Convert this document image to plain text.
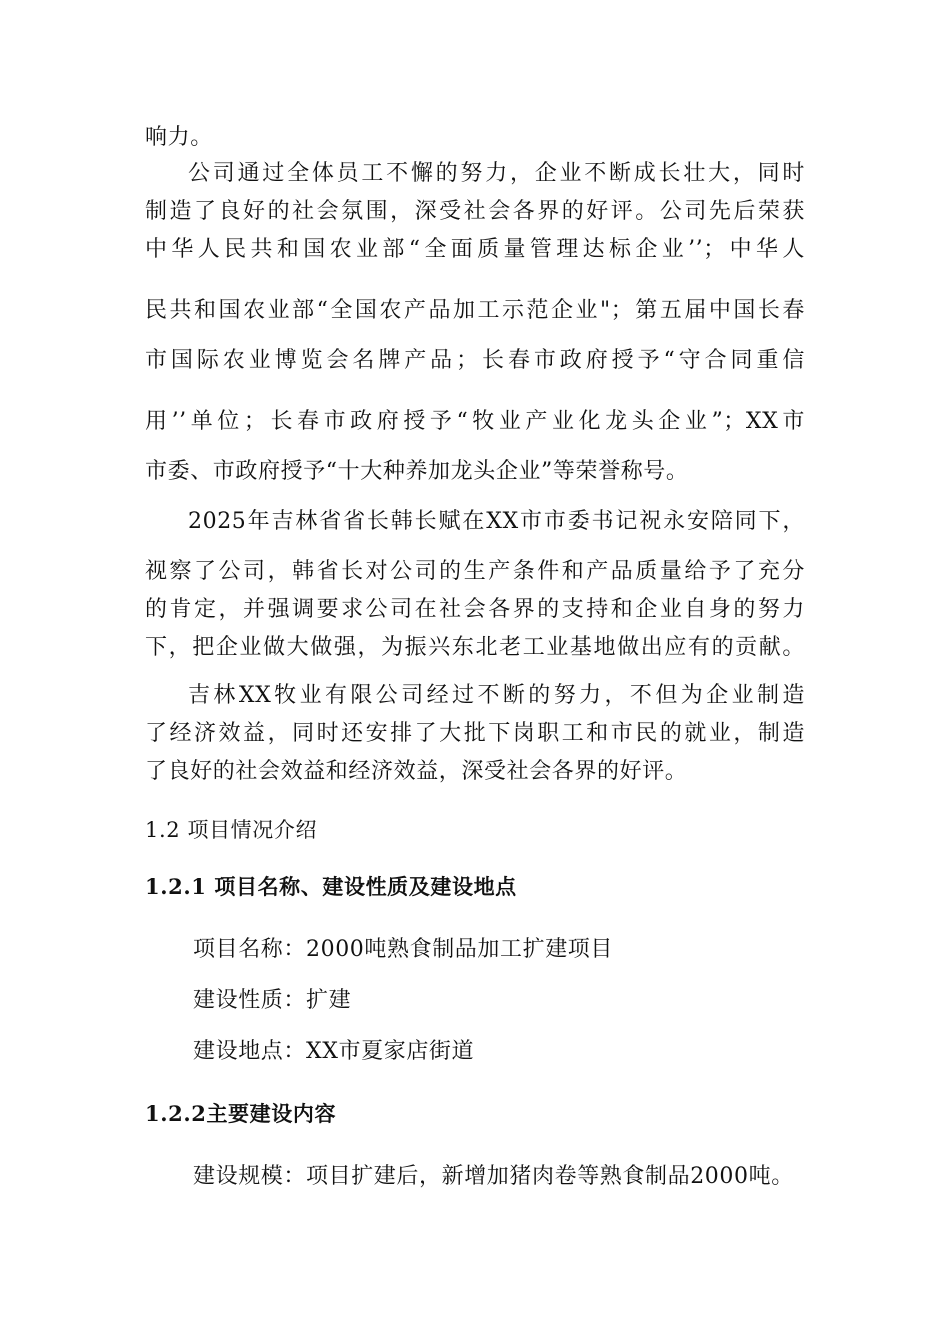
响力。
公司通过全体员工不懈的努力，企业不断成长壮大，同时
制造了良好的社会氛围，深受社会各界的好评。公司先后荣获
中华人民共和国农业部“全面质量管理达标企业’’；中华人
民共和国农业部“全国农产品加工示范企业"；第五届中国长春
市国际农业博览会名牌产品；长春市政府授予“守合同重信
用’’单位；长春市政府授予“牧业产业化龙头企业”；XX市
市委、市政府授予“十大种养加龙头企业”等荣誉称号。
2025年吉林省省长韩长赋在XX市市委书记祝永安陪同下，
视察了公司，韩省长对公司的生产条件和产品质量给予了充分
的肯定，并强调要求公司在社会各界的支持和企业自身的努力
下，把企业做大做强，为振兴东北老工业基地做出应有的贡献。
吉林XX牧业有限公司经过不断的努力，不但为企业制造
了经济效益，同时还安排了大批下岗职工和市民的就业，制造
了良好的社会效益和经济效益，深受社会各界的好评。
1.2 项目情况介绍
1.2.1 项目名称、建设性质及建设地点
项目名称：2000吨熟食制品加工扩建项目
建设性质：扩建
建设地点：XX市夏家店街道
1.2.2主要建设内容
建设规模：项目扩建后，新增加猪肉卷等熟食制品2000吨。
